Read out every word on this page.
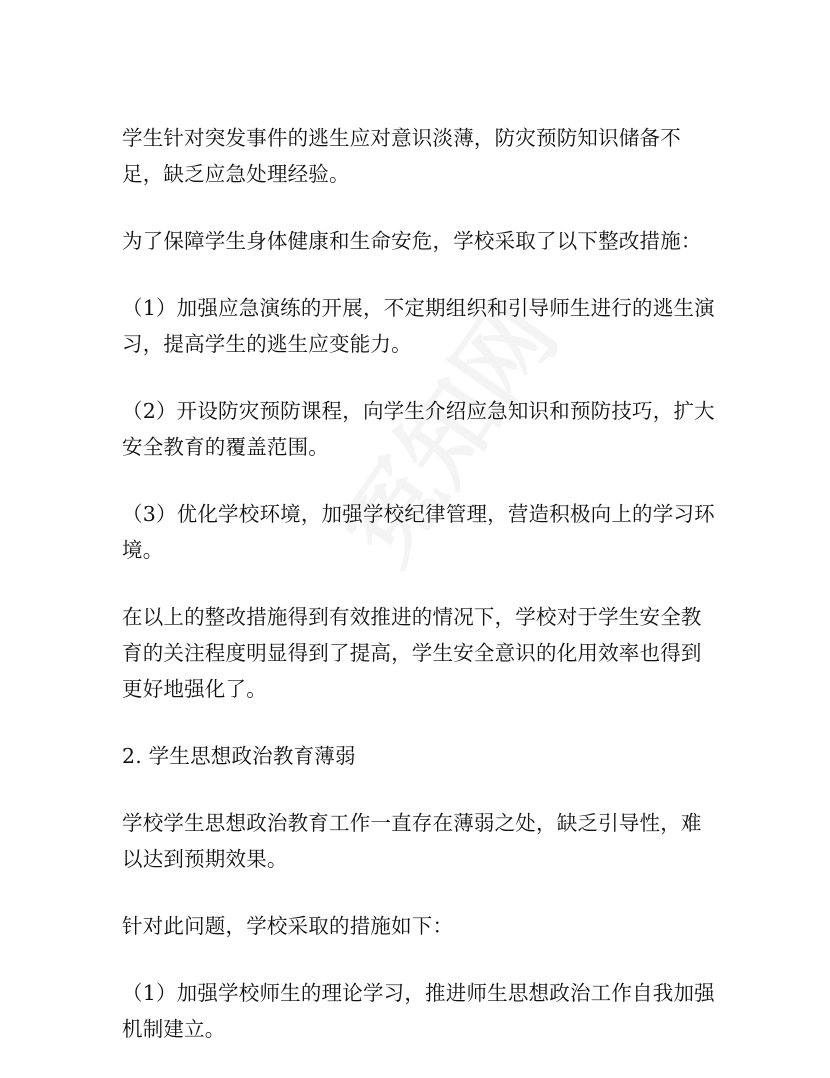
学生针对突发事件的逃生应对意识淡薄，防灾预防知识储备不足，缺乏应急处理经验。

为了保障学生身体健康和生命安危，学校采取了以下整改措施：

（1）加强应急演练的开展，不定期组织和引导师生进行的逃生演习，提高学生的逃生应变能力。

（2）开设防灾预防课程，向学生介绍应急知识和预防技巧，扩大安全教育的覆盖范围。

（3）优化学校环境，加强学校纪律管理，营造积极向上的学习环境。

在以上的整改措施得到有效推进的情况下，学校对于学生安全教育的关注程度明显得到了提高，学生安全意识的化用效率也得到更好地强化了。

2. 学生思想政治教育薄弱

学校学生思想政治教育工作一直存在薄弱之处，缺乏引导性，难以达到预期效果。

针对此问题，学校采取的措施如下：

（1）加强学校师生的理论学习，推进师生思想政治工作自我加强机制建立。
